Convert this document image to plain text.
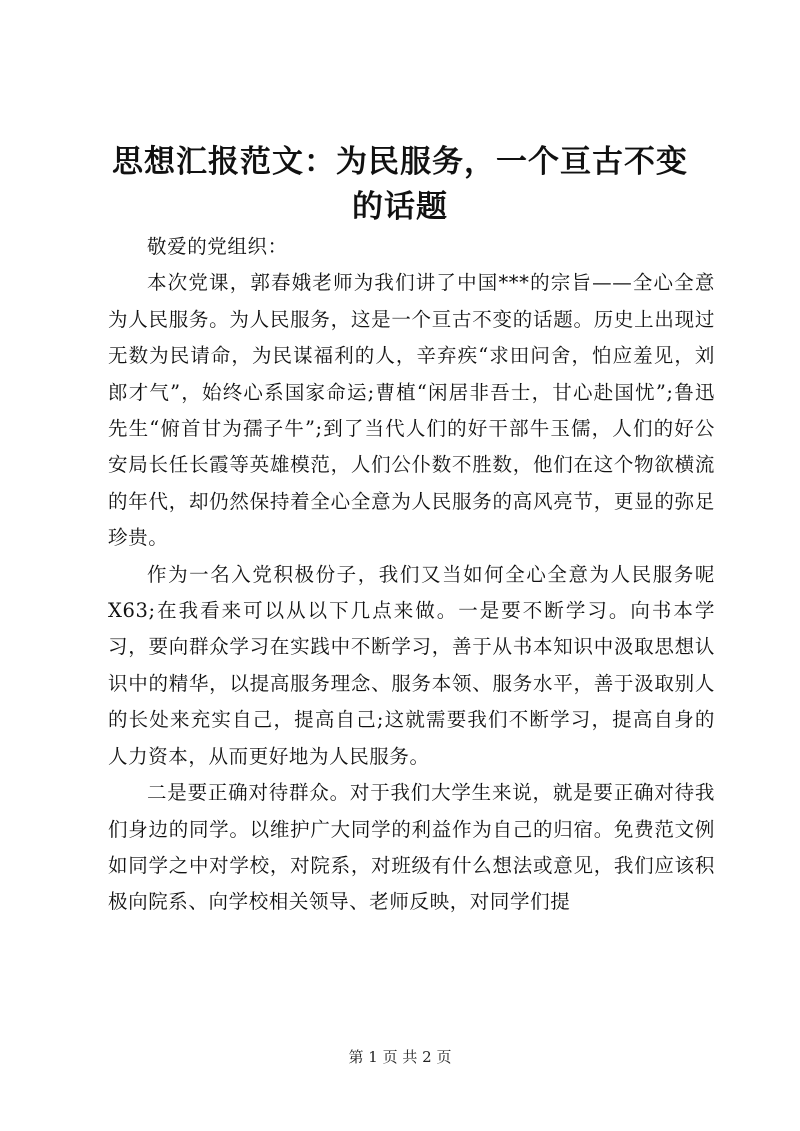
思想汇报范文：为民服务，一个亘古不变的话题

敬爱的党组织：

本次党课，郭春娥老师为我们讲了中国***的宗旨——全心全意为人民服务。为人民服务，这是一个亘古不变的话题。历史上出现过无数为民请命，为民谋福利的人，辛弃疾“求田问舍，怕应羞见，刘郎才气”，始终心系国家命运;曹植“闲居非吾士，甘心赴国忧”;鲁迅先生“俯首甘为孺子牛”;到了当代人们的好干部牛玉儒，人们的好公安局长任长霞等英雄模范，人们公仆数不胜数，他们在这个物欲横流的年代，却仍然保持着全心全意为人民服务的高风亮节，更显的弥足珍贵。

作为一名入党积极份子，我们又当如何全心全意为人民服务呢 X63;在我看来可以从以下几点来做。一是要不断学习。向书本学习，要向群众学习在实践中不断学习，善于从书本知识中汲取思想认识中的精华，以提高服务理念、服务本领、服务水平，善于汲取别人的长处来充实自己，提高自己;这就需要我们不断学习，提高自身的人力资本，从而更好地为人民服务。

二是要正确对待群众。对于我们大学生来说，就是要正确对待我们身边的同学。以维护广大同学的利益作为自己的归宿。免费范文例如同学之中对学校，对院系，对班级有什么想法或意见，我们应该积极向院系、向学校相关领导、老师反映，对同学们提

第 1 页 共 2 页
